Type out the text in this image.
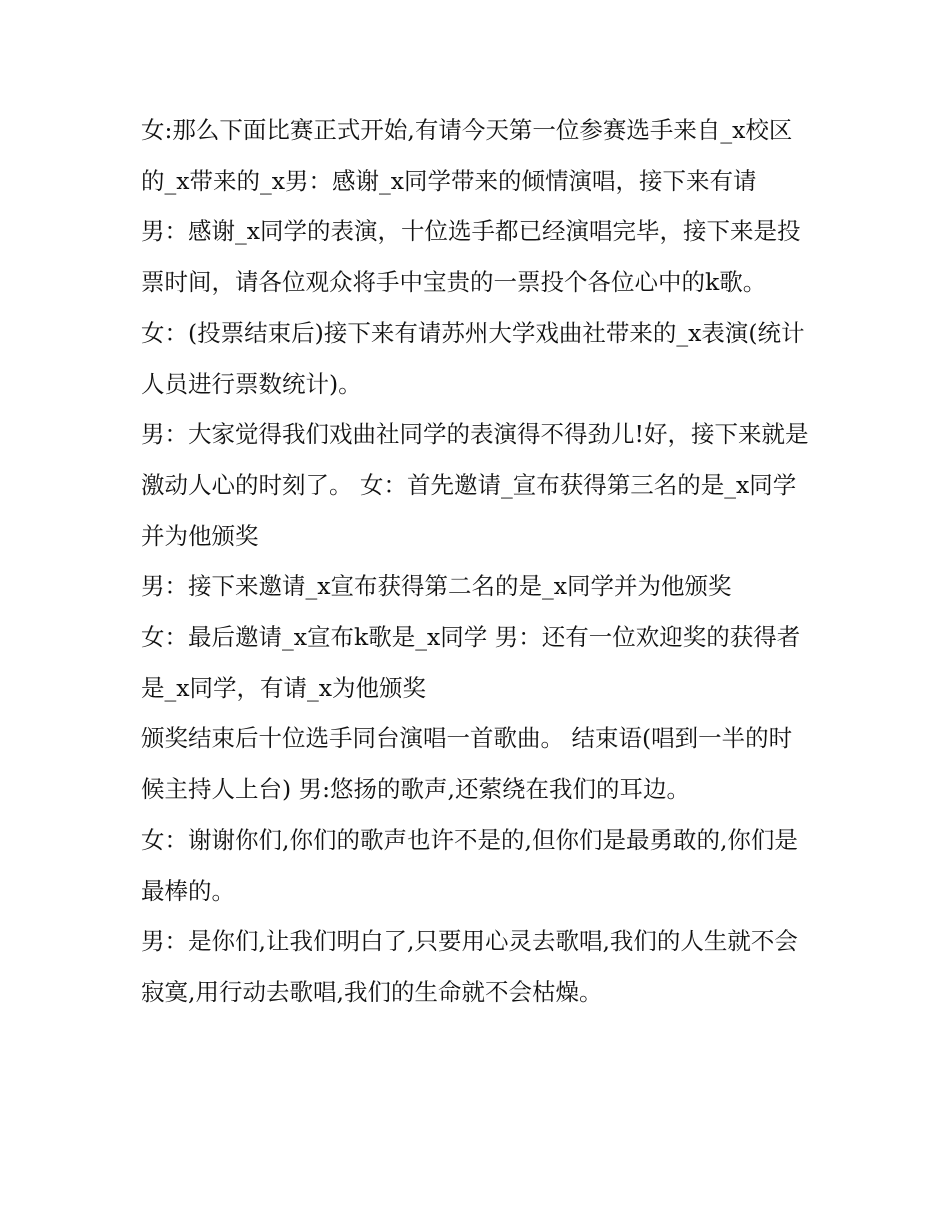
女:那么下面比赛正式开始,有请今天第一位参赛选手来自_x校区的_x带来的_x男：感谢_x同学带来的倾情演唱，接下来有请

男：感谢_x同学的表演，十位选手都已经演唱完毕，接下来是投票时间，请各位观众将手中宝贵的一票投个各位心中的k歌。

女：(投票结束后)接下来有请苏州大学戏曲社带来的_x表演(统计人员进行票数统计)。

男：大家觉得我们戏曲社同学的表演得不得劲儿!好，接下来就是激动人心的时刻了。 女：首先邀请_宣布获得第三名的是_x同学并为他颁奖

男：接下来邀请_x宣布获得第二名的是_x同学并为他颁奖

女：最后邀请_x宣布k歌是_x同学 男：还有一位欢迎奖的获得者是_x同学，有请_x为他颁奖

颁奖结束后十位选手同台演唱一首歌曲。 结束语(唱到一半的时候主持人上台) 男:悠扬的歌声,还萦绕在我们的耳边。

女：谢谢你们,你们的歌声也许不是的,但你们是最勇敢的,你们是最棒的。

男：是你们,让我们明白了,只要用心灵去歌唱,我们的人生就不会寂寞,用行动去歌唱,我们的生命就不会枯燥。
